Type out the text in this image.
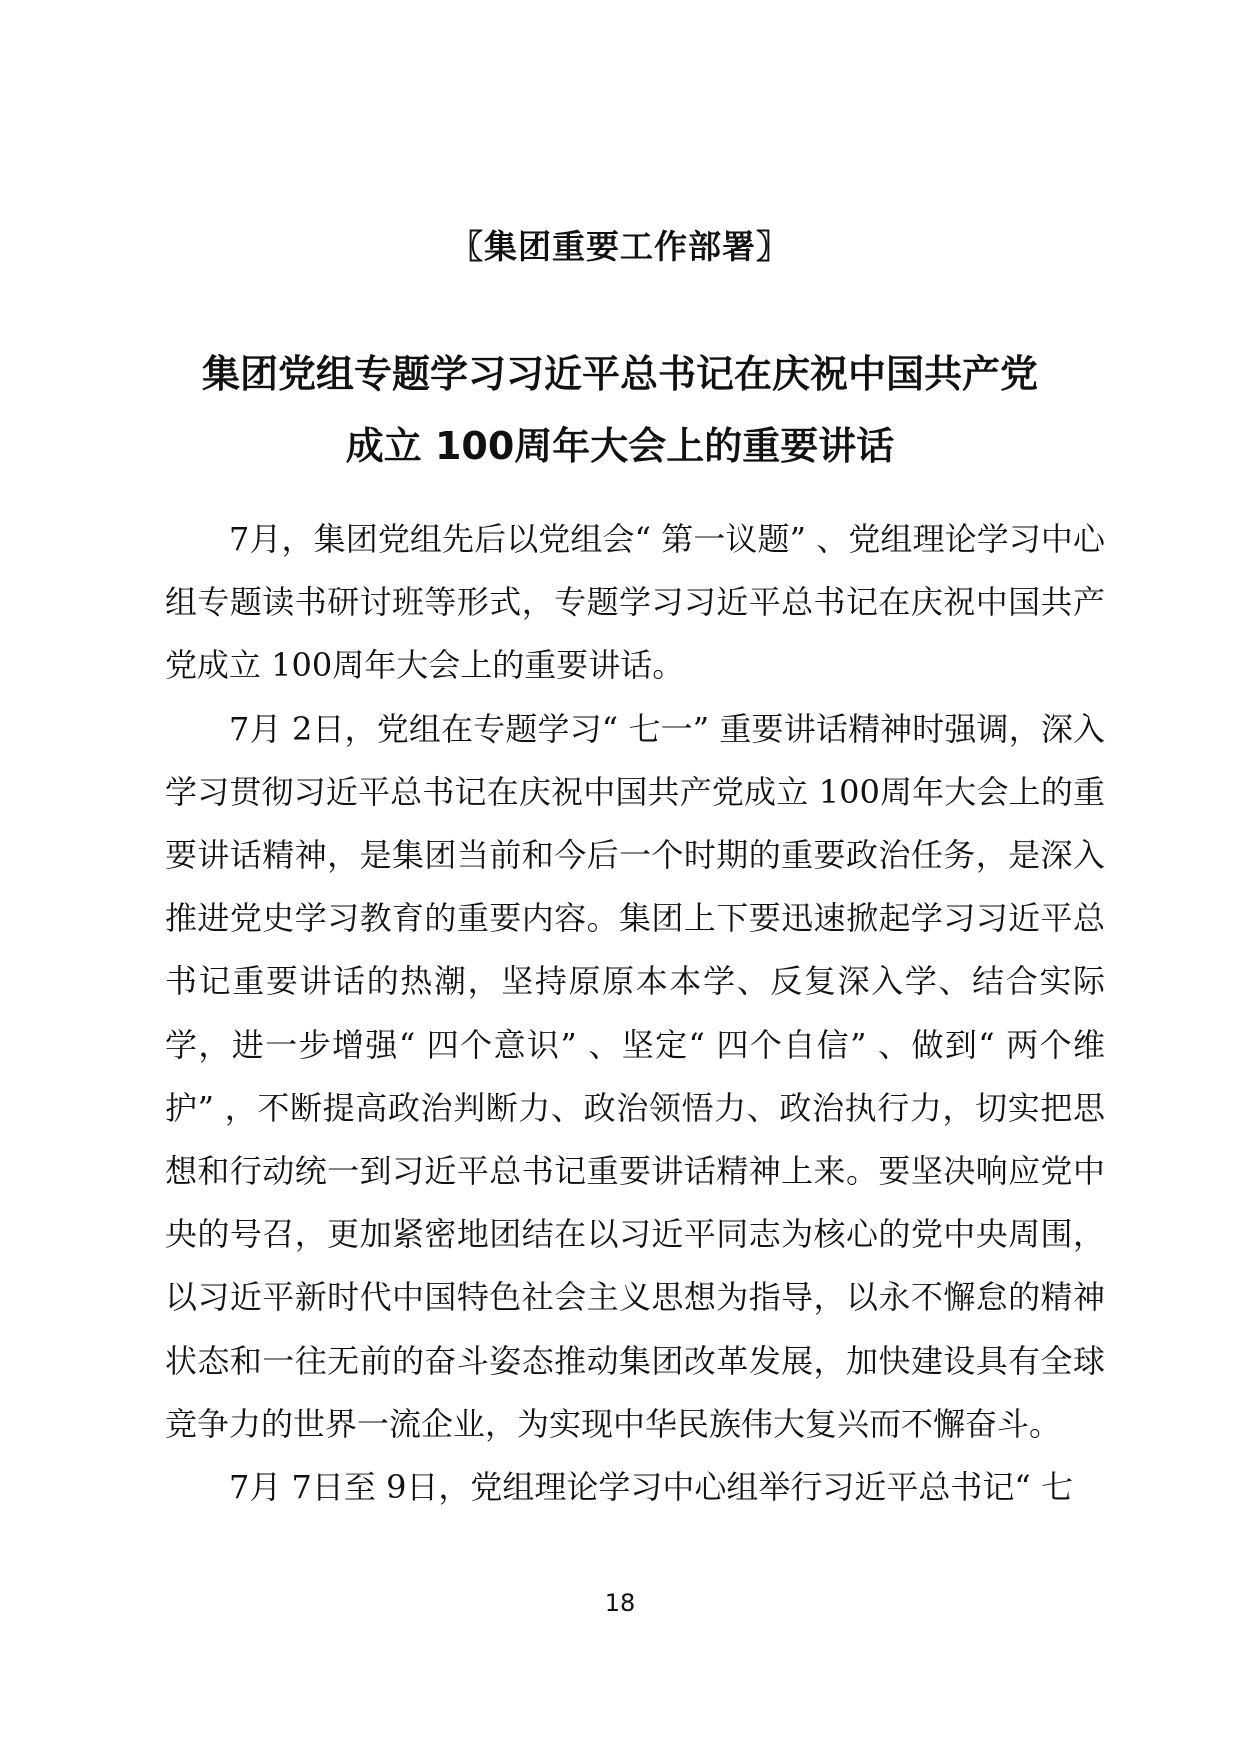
〖集团重要工作部署〗
集团党组专题学习习近平总书记在庆祝中国共产党
成立 100周年大会上的重要讲话

7月，集团党组先后以党组会“ 第一议题” 、党组理论学习中心组专题读书研讨班等形式，专题学习习近平总书记在庆祝中国共产党成立 100周年大会上的重要讲话。

7月 2日，党组在专题学习“ 七一” 重要讲话精神时强调，深入学习贯彻习近平总书记在庆祝中国共产党成立 100周年大会上的重要讲话精神，是集团当前和今后一个时期的重要政治任务，是深入推进党史学习教育的重要内容。集团上下要迅速掀起学习习近平总书记重要讲话的热潮，坚持原原本本学、反复深入学、结合实际学，进一步增强“ 四个意识” 、坚定“ 四个自信” 、做到“ 两个维护” ，不断提高政治判断力、政治领悟力、政治执行力，切实把思想和行动统一到习近平总书记重要讲话精神上来。要坚决响应党中央的号召，更加紧密地团结在以习近平同志为核心的党中央周围，以习近平新时代中国特色社会主义思想为指导，以永不懈怠的精神状态和一往无前的奋斗姿态推动集团改革发展，加快建设具有全球竞争力的世界一流企业，为实现中华民族伟大复兴而不懈奋斗。

7月 7日至 9日，党组理论学习中心组举行习近平总书记“ 七

18
